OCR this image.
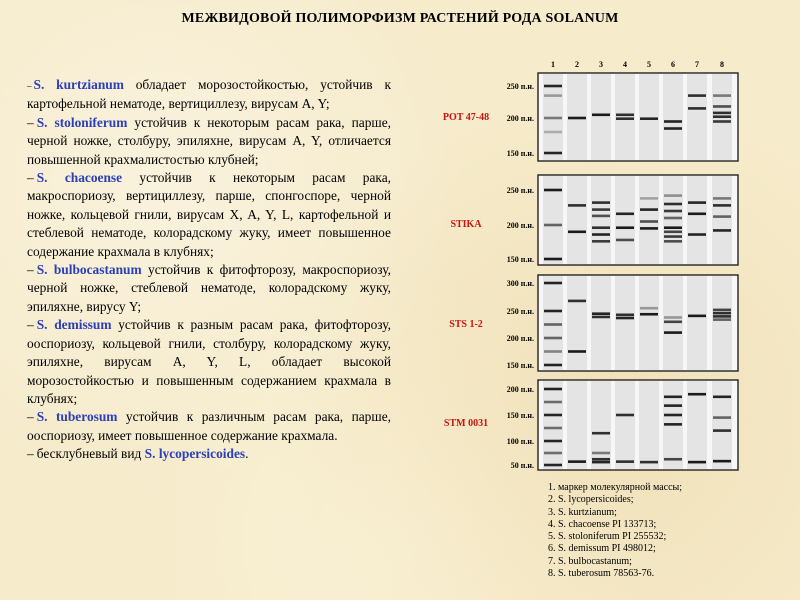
МЕЖВИДОВОЙ ПОЛИМОРФИЗМ РАСТЕНИЙ РОДА SOLANUM

– S. kurtzianum обладает морозостойкостью, устойчив к картофельной нематоде, вертициллезу, вирусам A, Y;

– S. stoloniferum устойчив к некоторым расам рака, парше, черной ножке, столбуру, эпиляхне, вирусам A, Y, отличается повышенной крахмалистостью клубней;

– S. chacoense устойчив к некоторым расам рака, макроспориозу, вертициллезу, парше, спонгоспоре, черной ножке, кольцевой гнили, вирусам X, A, Y, L, картофельной и стеблевой нематоде, колорадскому жуку, имеет повышенное содержание крахмала в клубнях;

– S. bulbocastanum устойчив к фитофторозу, макроспориозу, черной ножке, стеблевой нематоде, колорадскому жуку, эпиляхне, вирусу Y;

– S. demissum устойчив к разным расам рака, фитофторозу, ооспориозу, кольцевой гнили, столбуру, колорадскому жуку, эпиляхне, вирусам A, Y, L, обладает высокой морозостойкостью и повышенным содержанием крахмала в клубнях;

– S. tuberosum устойчив к различным расам рака, парше, ооспориозу, имеет повышенное содержание крахмала.

– бесклубневый вид S. lycopersicoides.

1	2	3	4	5	6	7	8
POT 47-48
250 п.н.
200 п.н.
150 п.н.
STIKA
250 п.н.
200 п.н.
150 п.н.
STS 1-2
300 п.н.
250 п.н.
200 п.н.
150 п.н.
STM 0031
200 п.н.
150 п.н.
100 п.н.
50 п.н.
1. маркер молекулярной массы;
2. S. lycopersicoides;
3. S. kurtzianum;
4. S. chacoense PI 133713;
5. S. stoloniferum PI 255532;
6. S. demissum PI 498012;
7. S. bulbocastanum;
8. S. tuberosum 78563-76.
